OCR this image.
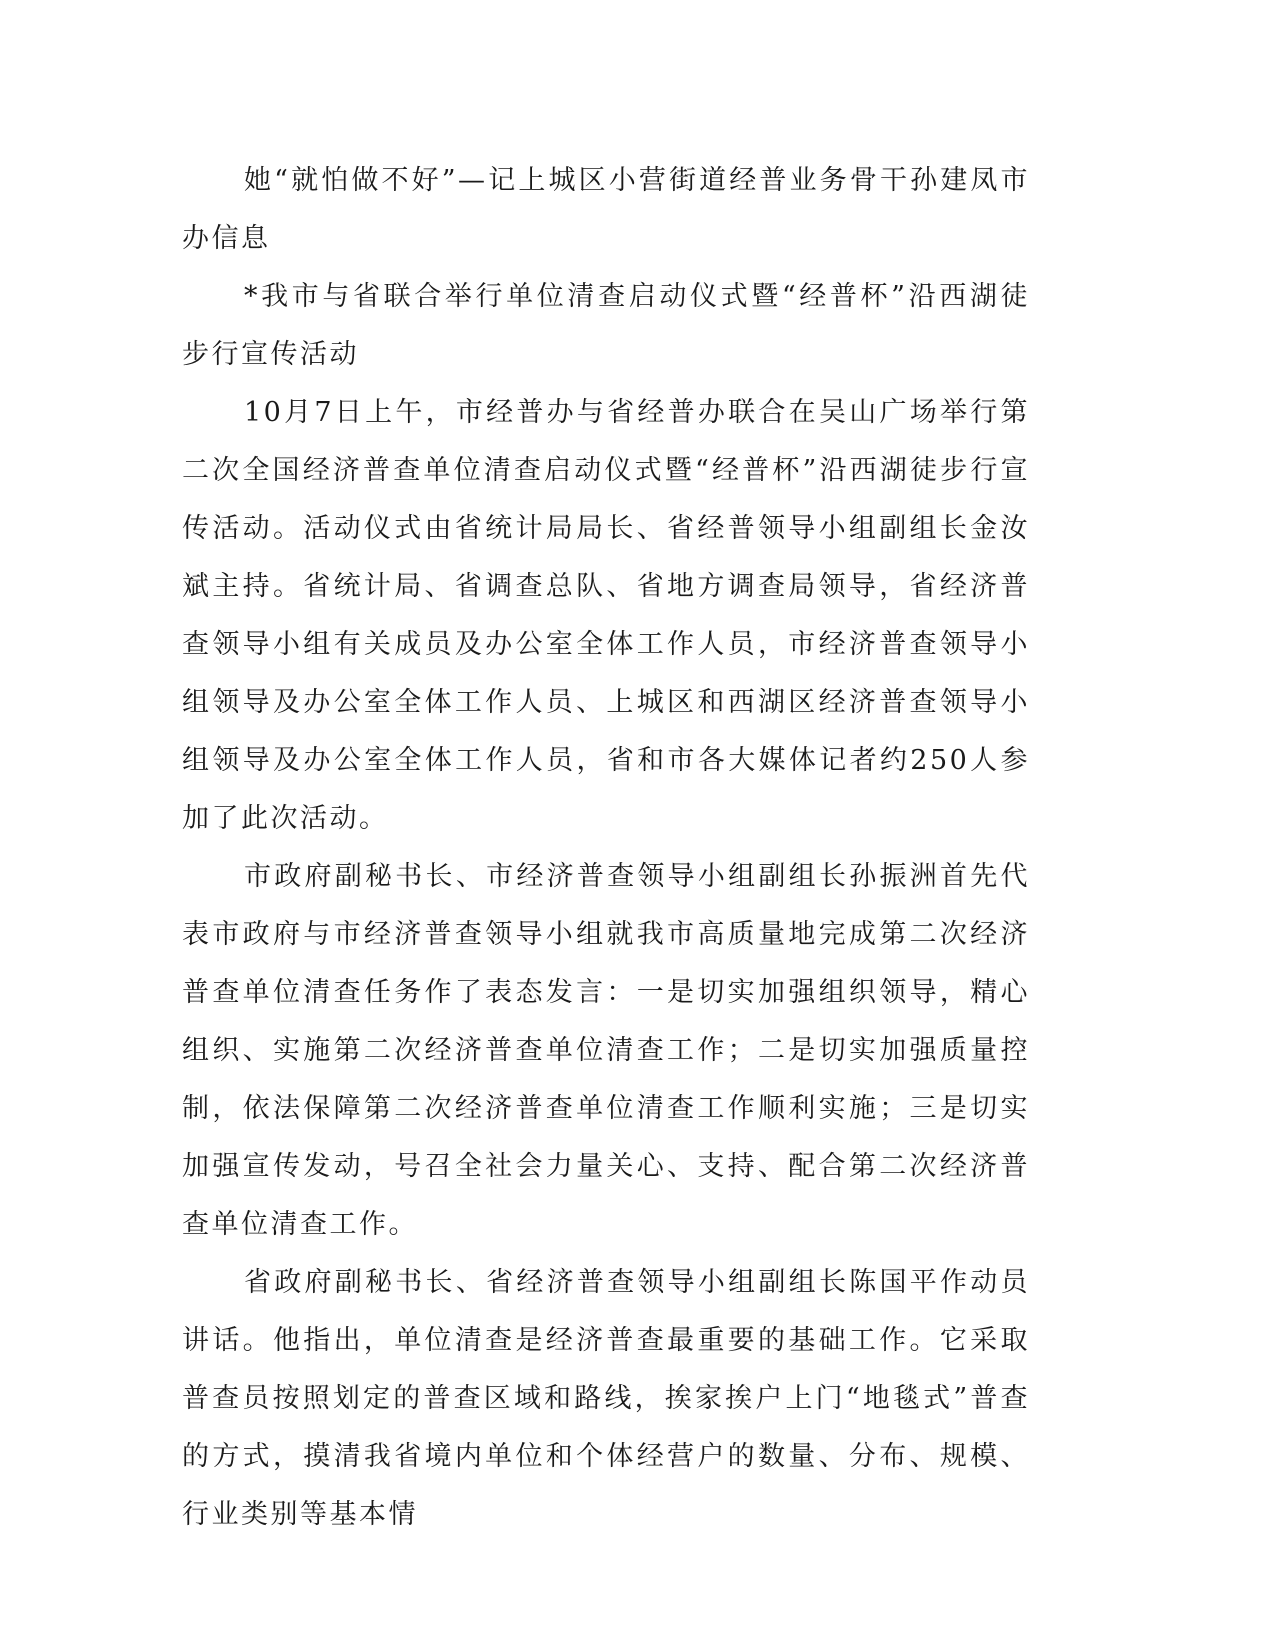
她“就怕做不好”—记上城区小营街道经普业务骨干孙建凤市办信息

*我市与省联合举行单位清查启动仪式暨“经普杯”沿西湖徒步行宣传活动

10月7日上午，市经普办与省经普办联合在吴山广场举行第二次全国经济普查单位清查启动仪式暨“经普杯”沿西湖徒步行宣传活动。活动仪式由省统计局局长、省经普领导小组副组长金汝斌主持。省统计局、省调查总队、省地方调查局领导，省经济普查领导小组有关成员及办公室全体工作人员，市经济普查领导小组领导及办公室全体工作人员、上城区和西湖区经济普查领导小组领导及办公室全体工作人员，省和市各大媒体记者约250人参加了此次活动。

市政府副秘书长、市经济普查领导小组副组长孙振洲首先代表市政府与市经济普查领导小组就我市高质量地完成第二次经济普查单位清查任务作了表态发言：一是切实加强组织领导，精心组织、实施第二次经济普查单位清查工作；二是切实加强质量控制，依法保障第二次经济普查单位清查工作顺利实施；三是切实加强宣传发动，号召全社会力量关心、支持、配合第二次经济普查单位清查工作。

省政府副秘书长、省经济普查领导小组副组长陈国平作动员讲话。他指出，单位清查是经济普查最重要的基础工作。它采取普查员按照划定的普查区域和路线，挨家挨户上门“地毯式”普查的方式，摸清我省境内单位和个体经营户的数量、分布、规模、行业类别等基本情
